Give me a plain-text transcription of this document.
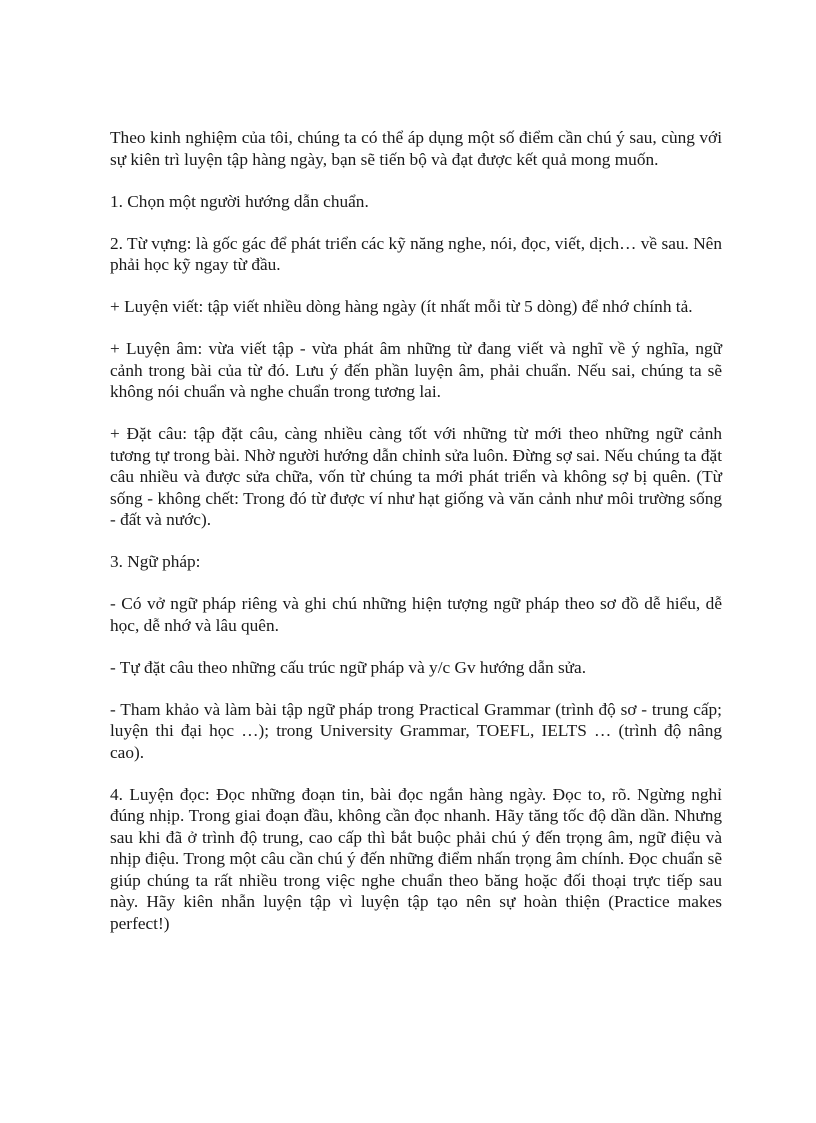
Theo kinh nghiệm của tôi, chúng ta có thể áp dụng một số điểm cần chú ý sau, cùng với sự kiên trì luyện tập hàng ngày, bạn sẽ tiến bộ và đạt được kết quả mong muốn.

1. Chọn một người hướng dẫn chuẩn.

2. Từ vựng: là gốc gác để phát triển các kỹ năng nghe, nói, đọc, viết, dịch… về sau. Nên phải học kỹ ngay từ đầu.

+ Luyện viết: tập viết nhiều dòng hàng ngày (ít nhất mỗi từ 5 dòng) để nhớ chính tả.

+ Luyện âm: vừa viết tập - vừa phát âm những từ đang viết và nghĩ về ý nghĩa, ngữ cảnh trong bài của từ đó. Lưu ý đến phần luyện âm, phải chuẩn. Nếu sai, chúng ta sẽ không nói chuẩn và nghe chuẩn trong tương lai.

+ Đặt câu: tập đặt câu, càng nhiều càng tốt với những từ mới theo những ngữ cảnh tương tự trong bài. Nhờ người hướng dẫn chỉnh sửa luôn. Đừng sợ sai. Nếu chúng ta đặt câu nhiều và được sửa chữa, vốn từ chúng ta mới phát triển và không sợ bị quên. (Từ sống - không chết: Trong đó từ được ví như hạt giống và văn cảnh như môi trường sống - đất và nước).

3. Ngữ pháp:

- Có vở ngữ pháp riêng và ghi chú những hiện tượng ngữ pháp theo sơ đồ dễ hiểu, dễ học, dễ nhớ và lâu quên.

- Tự đặt câu theo những cấu trúc ngữ pháp và y/c Gv hướng dẫn sửa.

- Tham khảo và làm bài tập ngữ pháp trong Practical Grammar (trình độ sơ - trung cấp; luyện thi đại học …); trong University Grammar, TOEFL, IELTS … (trình độ nâng cao).

4. Luyện đọc: Đọc những đoạn tin, bài đọc ngắn hàng ngày. Đọc to, rõ. Ngừng nghỉ đúng nhịp. Trong giai đoạn đầu, không cần đọc nhanh. Hãy tăng tốc độ dần dần. Nhưng sau khi đã ở trình độ trung, cao cấp thì bắt buộc phải chú ý đến trọng âm, ngữ điệu và nhịp điệu. Trong một câu cần chú ý đến những điểm nhấn trọng âm chính. Đọc chuẩn sẽ giúp chúng ta rất nhiều trong việc nghe chuẩn theo băng hoặc đối thoại trực tiếp sau này. Hãy kiên nhẫn luyện tập vì luyện tập tạo nên sự hoàn thiện (Practice makes perfect!)
